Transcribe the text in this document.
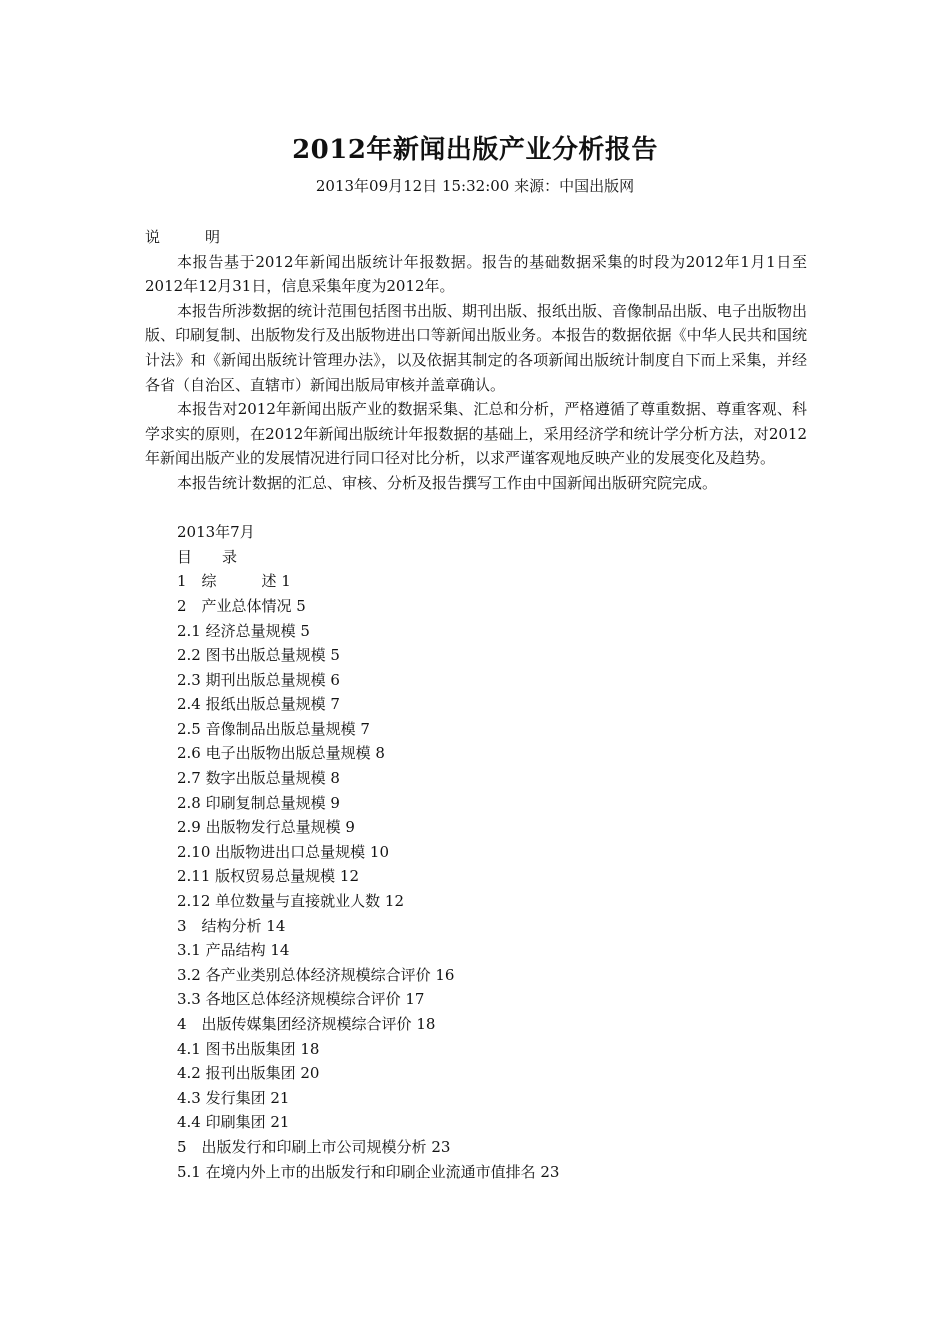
2012年新闻出版产业分析报告
2013年09月12日 15:32:00 来源：中国出版网

说　　　明

本报告基于2012年新闻出版统计年报数据。报告的基础数据采集的时段为2012年1月1日至2012年12月31日，信息采集年度为2012年。

本报告所涉数据的统计范围包括图书出版、期刊出版、报纸出版、音像制品出版、电子出版物出版、印刷复制、出版物发行及出版物进出口等新闻出版业务。本报告的数据依据《中华人民共和国统计法》和《新闻出版统计管理办法》，以及依据其制定的各项新闻出版统计制度自下而上采集，并经各省（自治区、直辖市）新闻出版局审核并盖章确认。

本报告对2012年新闻出版产业的数据采集、汇总和分析，严格遵循了尊重数据、尊重客观、科学求实的原则，在2012年新闻出版统计年报数据的基础上，采用经济学和统计学分析方法，对2012年新闻出版产业的发展情况进行同口径对比分析，以求严谨客观地反映产业的发展变化及趋势。

本报告统计数据的汇总、审核、分析及报告撰写工作由中国新闻出版研究院完成。

2013年7月

目　　录

1　综　　　述 1
2　产业总体情况 5
2.1 经济总量规模 5
2.2 图书出版总量规模 5
2.3 期刊出版总量规模 6
2.4 报纸出版总量规模 7
2.5 音像制品出版总量规模 7
2.6 电子出版物出版总量规模 8
2.7 数字出版总量规模 8
2.8 印刷复制总量规模 9
2.9 出版物发行总量规模 9
2.10 出版物进出口总量规模 10
2.11 版权贸易总量规模 12
2.12 单位数量与直接就业人数 12
3　结构分析 14
3.1 产品结构 14
3.2 各产业类别总体经济规模综合评价 16
3.3 各地区总体经济规模综合评价 17
4　出版传媒集团经济规模综合评价 18
4.1 图书出版集团 18
4.2 报刊出版集团 20
4.3 发行集团 21
4.4 印刷集团 21
5　出版发行和印刷上市公司规模分析 23
5.1 在境内外上市的出版发行和印刷企业流通市值排名 23
